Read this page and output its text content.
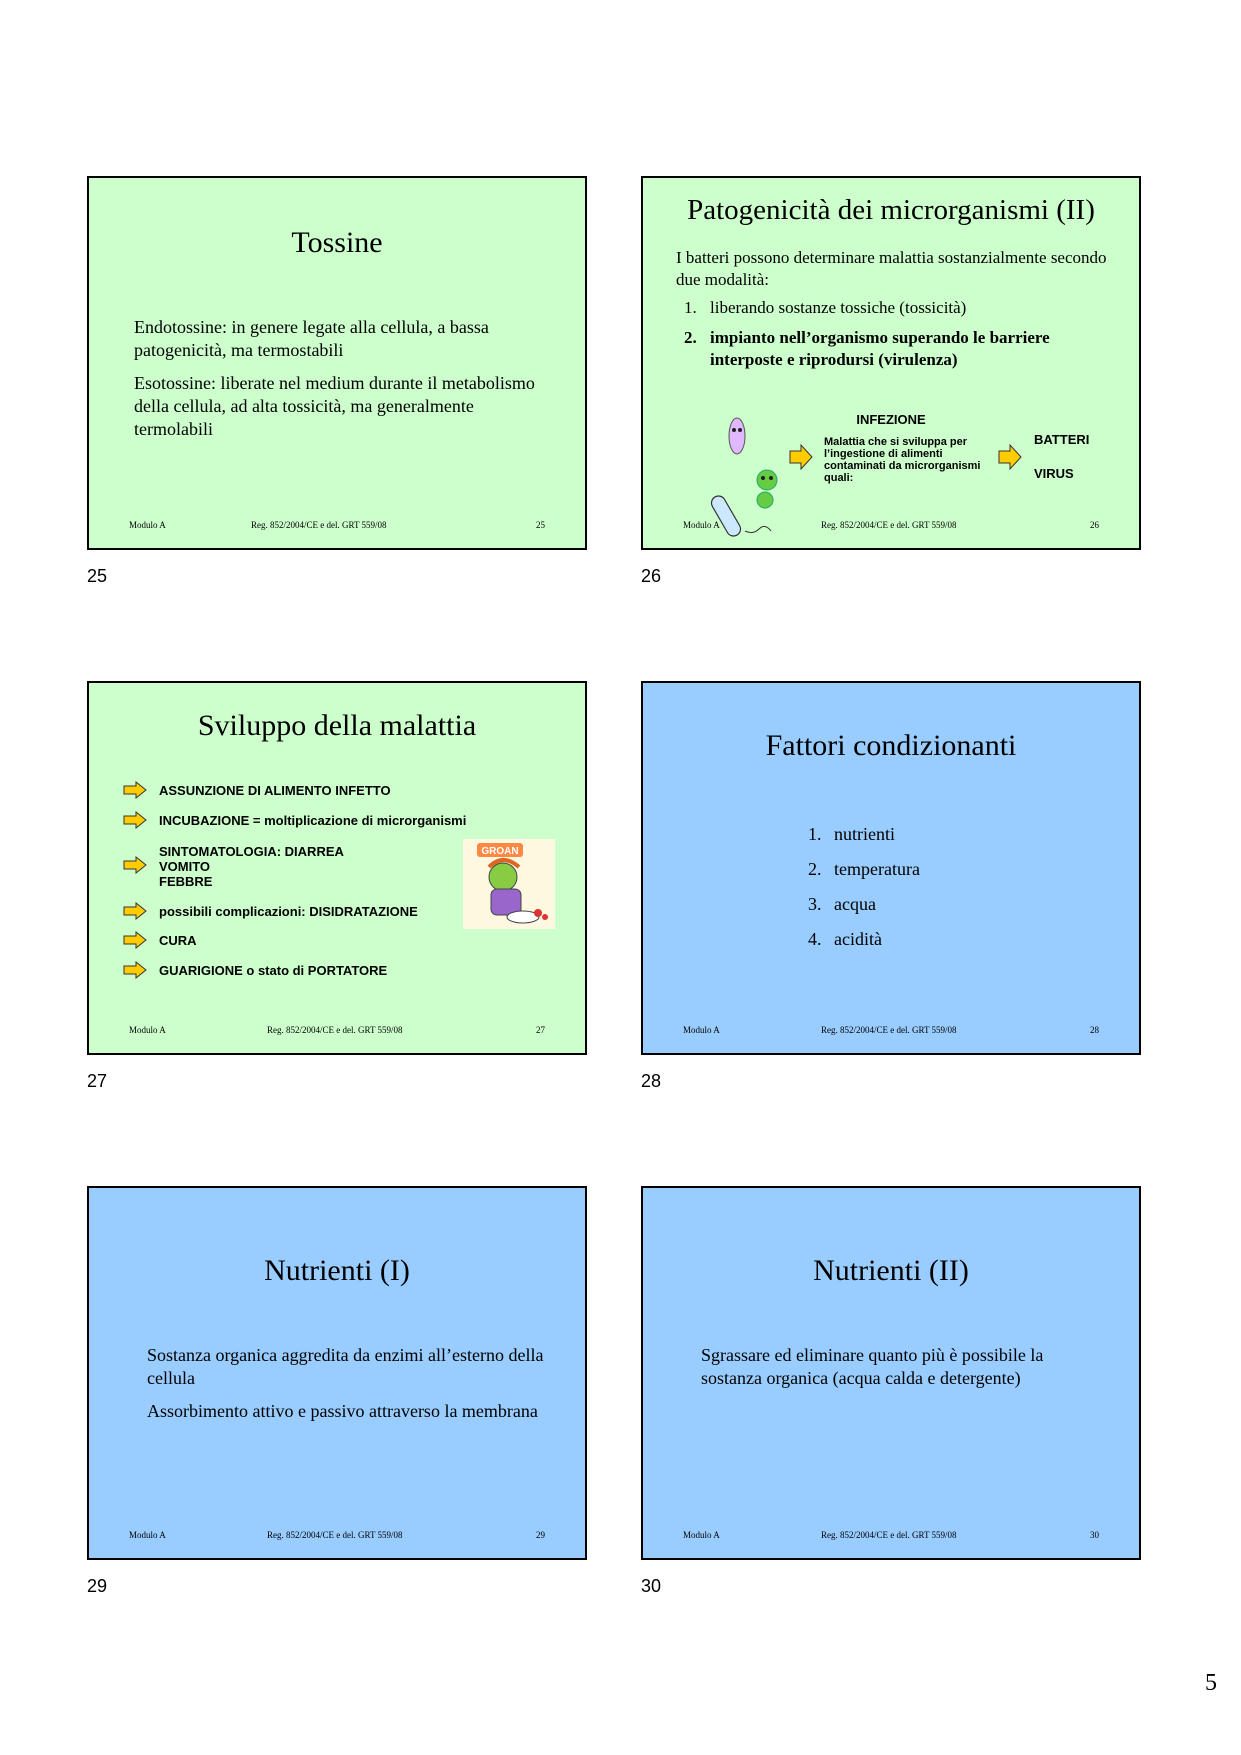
Tossine

Endotossine: in genere legate alla cellula, a bassa patogenicità, ma termostabili

Esotossine: liberate nel medium durante il metabolismo della cellula, ad alta tossicità, ma generalmente termolabili

Modulo A	Reg. 852/2004/CE e del. GRT 559/08	25
25
Patogenicità dei microrganismi (II)

I batteri possono determinare malattia sostanzialmente secondo due modalità:

1. liberando sostanze tossiche (tossicità)
2. impianto nell’organismo superando le barriere interposte e riprodursi (virulenza)
INFEZIONE
Malattia che si sviluppa per l’ingestione di alimenti contaminati da microrganismi quali:
BATTERI
VIRUS
Modulo A	Reg. 852/2004/CE e del. GRT 559/08	26
26
Sviluppo della malattia
ASSUNZIONE DI ALIMENTO INFETTO
INCUBAZIONE = moltiplicazione di microrganismi
SINTOMATOLOGIA: DIARREA
VOMITO
FEBBRE
possibili complicazioni: DISIDRATAZIONE
CURA
GUARIGIONE o stato di PORTATORE
GROAN
Modulo A	Reg. 852/2004/CE e del. GRT 559/08	27
27
Fattori condizionanti
1. nutrienti
2. temperatura
3. acqua
4. acidità
Modulo A	Reg. 852/2004/CE e del. GRT 559/08	28
28
Nutrienti (I)

Sostanza organica aggredita da enzimi all’esterno della cellula

Assorbimento attivo e passivo attraverso la membrana

Modulo A	Reg. 852/2004/CE e del. GRT 559/08	29
29
Nutrienti (II)

Sgrassare ed eliminare quanto più è possibile la sostanza organica (acqua calda e detergente)

Modulo A	Reg. 852/2004/CE e del. GRT 559/08	30
30
5
